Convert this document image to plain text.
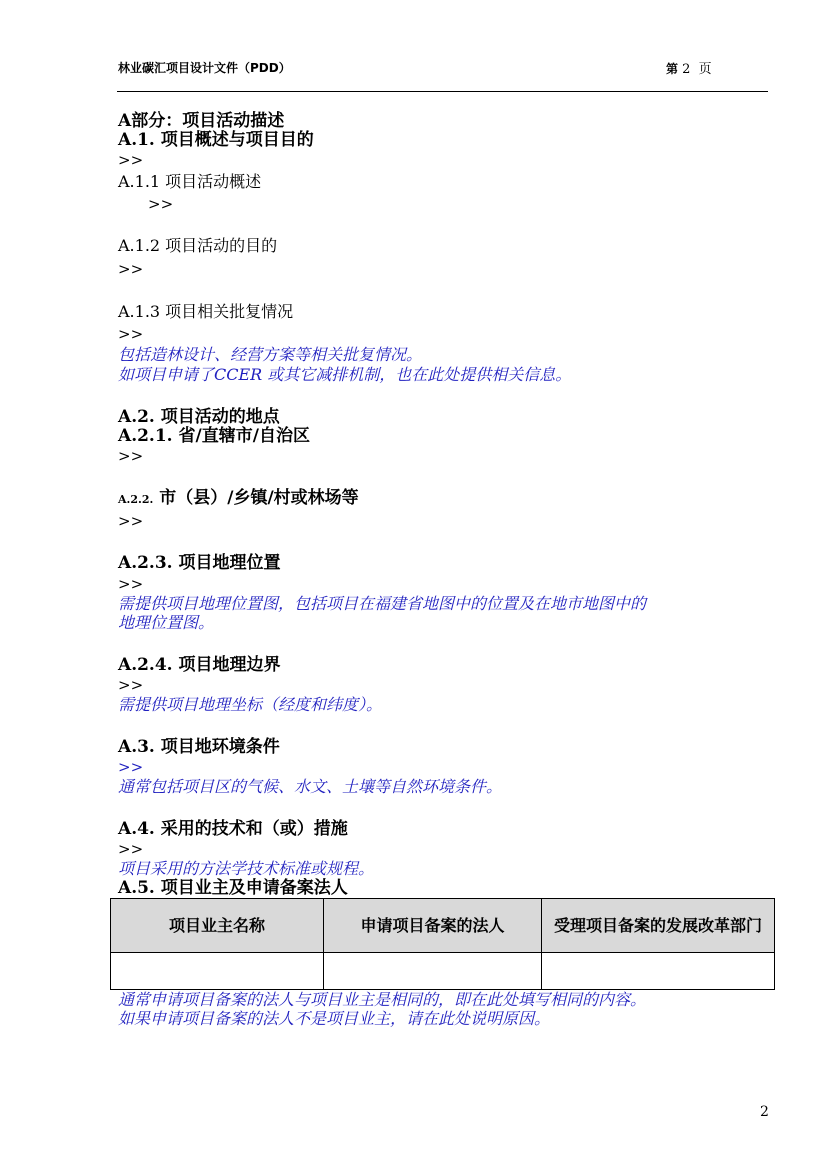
林业碳汇项目设计文件（PDD）	第 2 页
A部分：项目活动描述
A.1. 项目概述与项目目的
>>
A.1.1 项目活动概述
>>
A.1.2 项目活动的目的
>>
A.1.3 项目相关批复情况
>>
包括造林设计、经营方案等相关批复情况。
如项目申请了CCER 或其它减排机制，也在此处提供相关信息。
A.2. 项目活动的地点
A.2.1. 省/直辖市/自治区
>>
A.2.2. 市（县）/乡镇/村或林场等
>>
A.2.3. 项目地理位置
>>
需提供项目地理位置图，包括项目在福建省地图中的位置及在地市地图中的
地理位置图。
A.2.4. 项目地理边界
>>
需提供项目地理坐标（经度和纬度）。
A.3. 项目地环境条件
>>
通常包括项目区的气候、水文、土壤等自然环境条件。
A.4. 采用的技术和（或）措施
>>
项目采用的方法学技术标准或规程。
A.5. 项目业主及申请备案法人
项目业主名称	申请项目备案的法人	受理项目备案的发展改革部门

通常申请项目备案的法人与项目业主是相同的，即在此处填写相同的内容。
如果申请项目备案的法人不是项目业主，请在此处说明原因。
2
